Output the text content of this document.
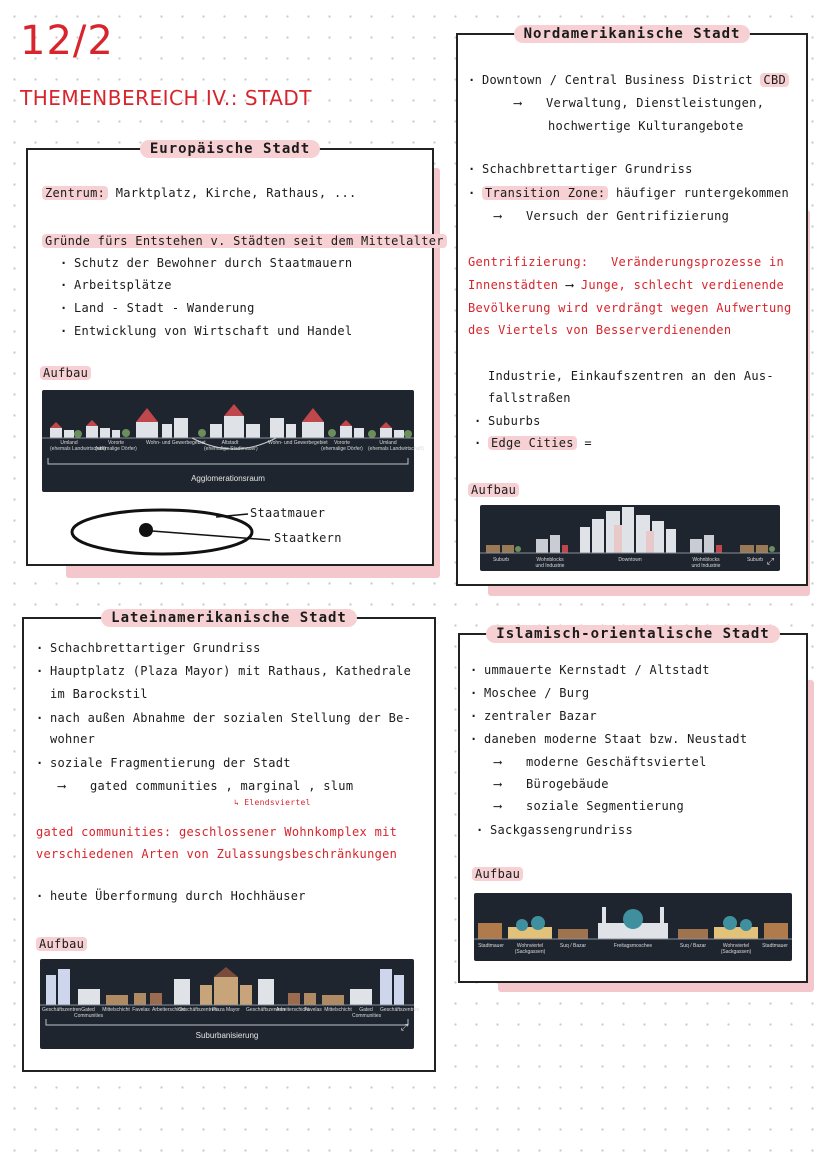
12/2
THEMENBEREICH IV.: STADT
Europäische Stadt
Zentrum: Marktplatz, Kirche, Rathaus, ...
Gründe fürs Entstehen v. Städten seit dem Mittelalter
· Schutz der Bewohner durch Staatmauern
· Arbeitsplätze
· Land - Stadt - Wanderung
· Entwicklung von Wirtschaft und Handel
Aufbau
Umland
(ehemals Landwirtschaft)
Vororte
(ehemalige Dörfer)
Wohn- und Gewerbegebiet	Altstadt
(ehemalige Stadtmauer)
Wohn- und Gewerbegebiet	Vororte
(ehemalige Dörfer)
Umland
(ehemals Landwirtschaft)
Agglomerationsraum
Staatmauer
Staatkern
Nordamerikanische Stadt
· Downtown / Central Business District CBD
⟶ Verwaltung, Dienstleistungen,
hochwertige Kulturangebote
· Schachbrettartiger Grundriss
· Transition Zone: häufiger runtergekommen
⟶ Versuch der Gentrifizierung
Gentrifizierung: Veränderungsprozesse in
Innenstädten ⟶ Junge, schlecht verdienende
Bevölkerung wird verdrängt wegen Aufwertung
des Viertels von Besserverdienenden
Industrie, Einkaufszentren an den Aus-
fallstraßen
· Suburbs
· Edge Cities =
Aufbau
Suburb	Wohnblocks und Industrie
Downtown	Wohnblocks und Industrie
Suburb ⤢
Lateinamerikanische Stadt
· Schachbrettartiger Grundriss
· Hauptplatz (Plaza Mayor) mit Rathaus, Kathedrale
im Barockstil
· nach außen Abnahme der sozialen Stellung der Be-
wohner
· soziale Fragmentierung der Stadt
⟶ gated communities , marginal , slum
↳ Elendsviertel
gated communities: geschlossener Wohnkomplex mit
verschiedenen Arten von Zulassungsbeschränkungen
· heute Überformung durch Hochhäuser
Aufbau
Geschäftszentren Gated Communities
Mittelschicht Favelas Arbeiterschicht
Geschäftszentren
Plaza Mayor	Geschäftszentren
Arbeiterschicht
Favelas Mittelschicht	Gated Communities
Geschäftszentren
Suburbanisierung
⤢
Islamisch-orientalische Stadt
· ummauerte Kernstadt / Altstadt
· Moschee / Burg
· zentraler Bazar
· daneben moderne Staat bzw. Neustadt
⟶ moderne Geschäftsviertel
⟶ Bürogebäude
⟶ soziale Segmentierung
· Sackgassengrundriss
Aufbau
Stadtmauer	Wohnviertel
(Sackgassen)
Suq / Bazar	Freitagsmoschee	Suq / Bazar	Wohnviertel
(Sackgassen)
Stadtmauer
